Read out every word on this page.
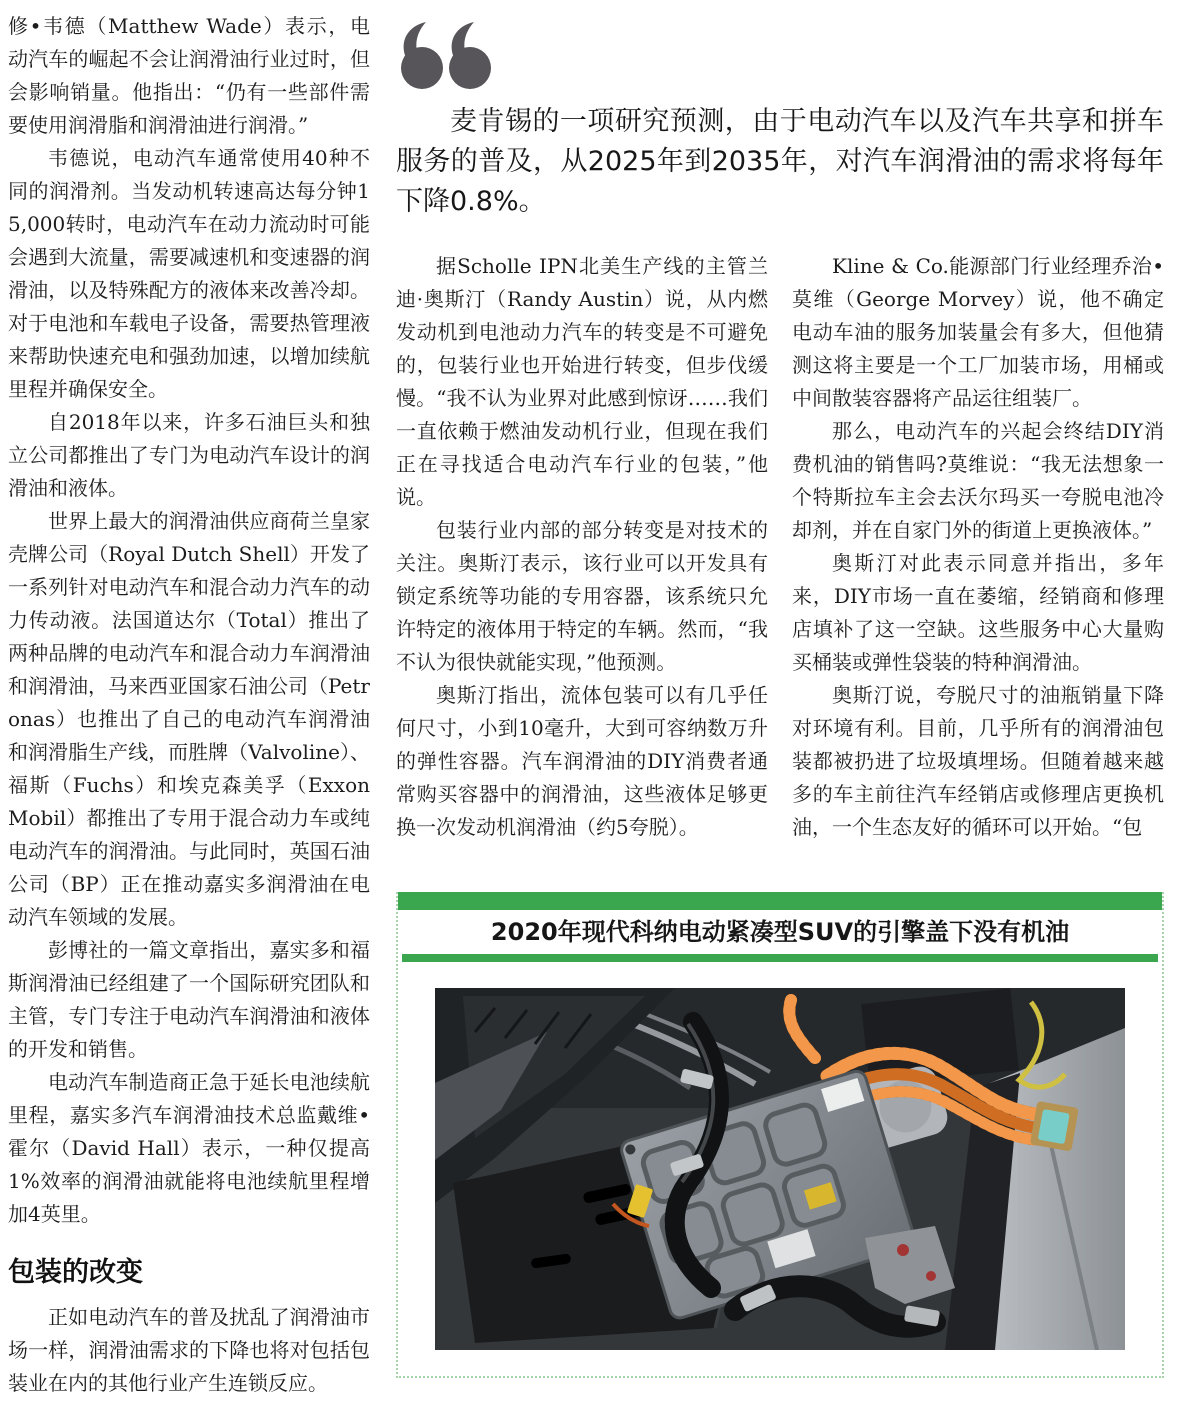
修•韦德（Matthew Wade）表示，电动汽车的崛起不会让润滑油行业过时，但会影响销量。他指出：“仍有一些部件需要使用润滑脂和润滑油进行润滑。”

韦德说，电动汽车通常使用40种不同的润滑剂。当发动机转速高达每分钟15,000转时，电动汽车在动力流动时可能会遇到大流量，需要减速机和变速器的润滑油，以及特殊配方的液体来改善冷却。对于电池和车载电子设备，需要热管理液来帮助快速充电和强劲加速，以增加续航里程并确保安全。

自2018年以来，许多石油巨头和独立公司都推出了专门为电动汽车设计的润滑油和液体。

世界上最大的润滑油供应商荷兰皇家壳牌公司（Royal Dutch Shell）开发了一系列针对电动汽车和混合动力汽车的动力传动液。法国道达尔（Total）推出了两种品牌的电动汽车和混合动力车润滑油和润滑油，马来西亚国家石油公司（Petronas）也推出了自己的电动汽车润滑油和润滑脂生产线，而胜牌（Valvoline）、福斯（Fuchs）和埃克森美孚（ExxonMobil）都推出了专用于混合动力车或纯电动汽车的润滑油。与此同时，英国石油公司（BP）正在推动嘉实多润滑油在电动汽车领域的发展。

彭博社的一篇文章指出，嘉实多和福斯润滑油已经组建了一个国际研究团队和主管，专门专注于电动汽车润滑油和液体的开发和销售。

电动汽车制造商正急于延长电池续航里程，嘉实多汽车润滑油技术总监戴维•霍尔（David Hall）表示，一种仅提高1%效率的润滑油就能将电池续航里程增加4英里。

包装的改变

正如电动汽车的普及扰乱了润滑油市场一样，润滑油需求的下降也将对包括包装业在内的其他行业产生连锁反应。

麦肯锡的一项研究预测，由于电动汽车以及汽车共享和拼车服务的普及，从2025年到2035年，对汽车润滑油的需求将每年下降0.8%。

据Scholle IPN北美生产线的主管兰迪·奥斯汀（Randy Austin）说，从内燃发动机到电池动力汽车的转变是不可避免的，包装行业也开始进行转变，但步伐缓慢。“我不认为业界对此感到惊讶……我们一直依赖于燃油发动机行业，但现在我们正在寻找适合电动汽车行业的包装，”他说。

包装行业内部的部分转变是对技术的关注。奥斯汀表示，该行业可以开发具有锁定系统等功能的专用容器，该系统只允许特定的液体用于特定的车辆。然而，“我不认为很快就能实现，”他预测。

奥斯汀指出，流体包装可以有几乎任何尺寸，小到10毫升，大到可容纳数万升的弹性容器。汽车润滑油的DIY消费者通常购买容器中的润滑油，这些液体足够更换一次发动机润滑油（约5夸脱）。

Kline & Co.能源部门行业经理乔治•莫维（George Morvey）说，他不确定电动车油的服务加装量会有多大，但他猜测这将主要是一个工厂加装市场，用桶或中间散装容器将产品运往组装厂。

那么，电动汽车的兴起会终结DIY消费机油的销售吗?莫维说：“我无法想象一个特斯拉车主会去沃尔玛买一夸脱电池冷却剂，并在自家门外的街道上更换液体。”

奥斯汀对此表示同意并指出，多年来，DIY市场一直在萎缩，经销商和修理店填补了这一空缺。这些服务中心大量购买桶装或弹性袋装的特种润滑油。

奥斯汀说，夸脱尺寸的油瓶销量下降对环境有利。目前，几乎所有的润滑油包装都被扔进了垃圾填埋场。但随着越来越多的车主前往汽车经销店或修理店更换机油，一个生态友好的循环可以开始。“包

2020年现代科纳电动紧凑型SUV的引擎盖下没有机油
